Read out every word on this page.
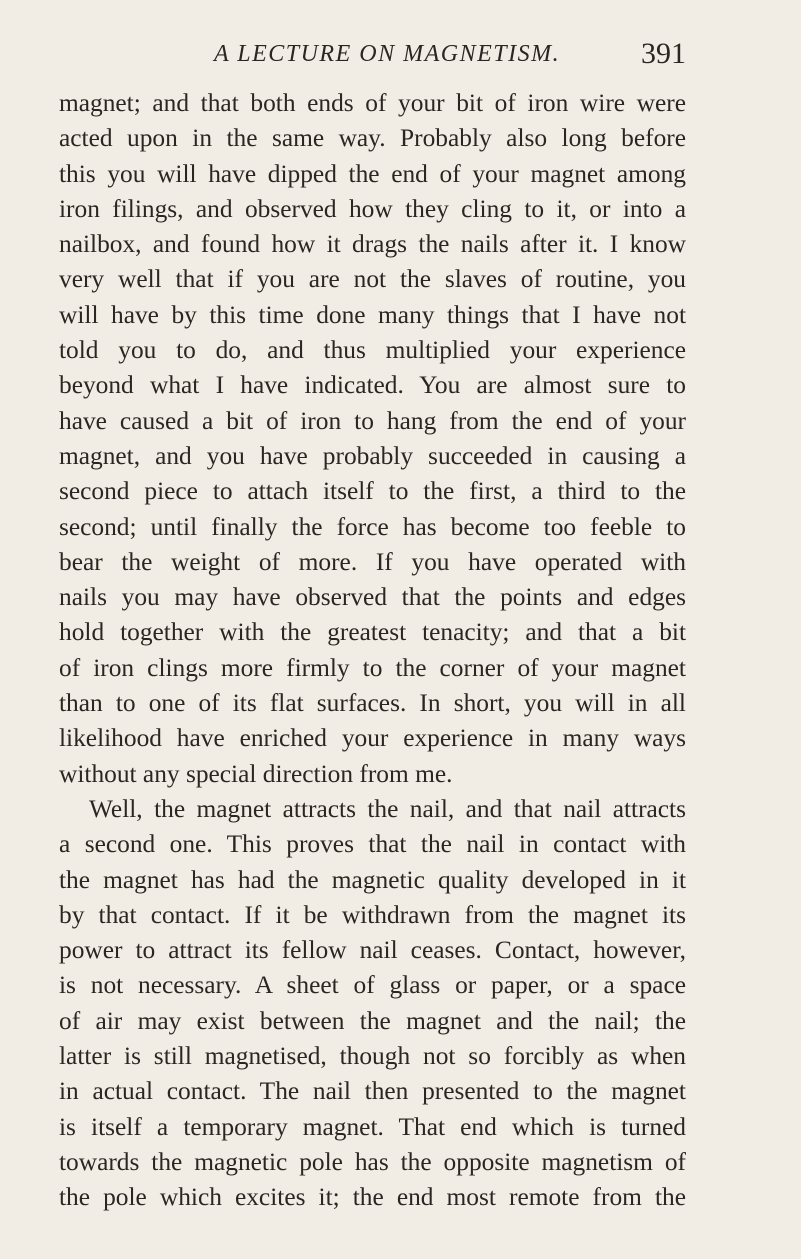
A LECTURE ON MAGNETISM.	391
magnet; and that both ends of your bit of iron wire were
acted upon in the same way. Probably also long before
this you will have dipped the end of your magnet among
iron filings, and observed how they cling to it, or into a
nailbox, and found how it drags the nails after it. I know
very well that if you are not the slaves of routine, you
will have by this time done many things that I have not
told you to do, and thus multiplied your experience
beyond what I have indicated. You are almost sure to
have caused a bit of iron to hang from the end of your
magnet, and you have probably succeeded in causing a
second piece to attach itself to the first, a third to the
second; until finally the force has become too feeble to
bear the weight of more. If you have operated with
nails you may have observed that the points and edges
hold together with the greatest tenacity; and that a bit
of iron clings more firmly to the corner of your magnet
than to one of its flat surfaces. In short, you will in all
likelihood have enriched your experience in many ways
without any special direction from me.
Well, the magnet attracts the nail, and that nail attracts
a second one. This proves that the nail in contact with
the magnet has had the magnetic quality developed in it
by that contact. If it be withdrawn from the magnet its
power to attract its fellow nail ceases. Contact, however,
is not necessary. A sheet of glass or paper, or a space
of air may exist between the magnet and the nail; the
latter is still magnetised, though not so forcibly as when
in actual contact. The nail then presented to the magnet
is itself a temporary magnet. That end which is turned
towards the magnetic pole has the opposite magnetism of
the pole which excites it; the end most remote from the
